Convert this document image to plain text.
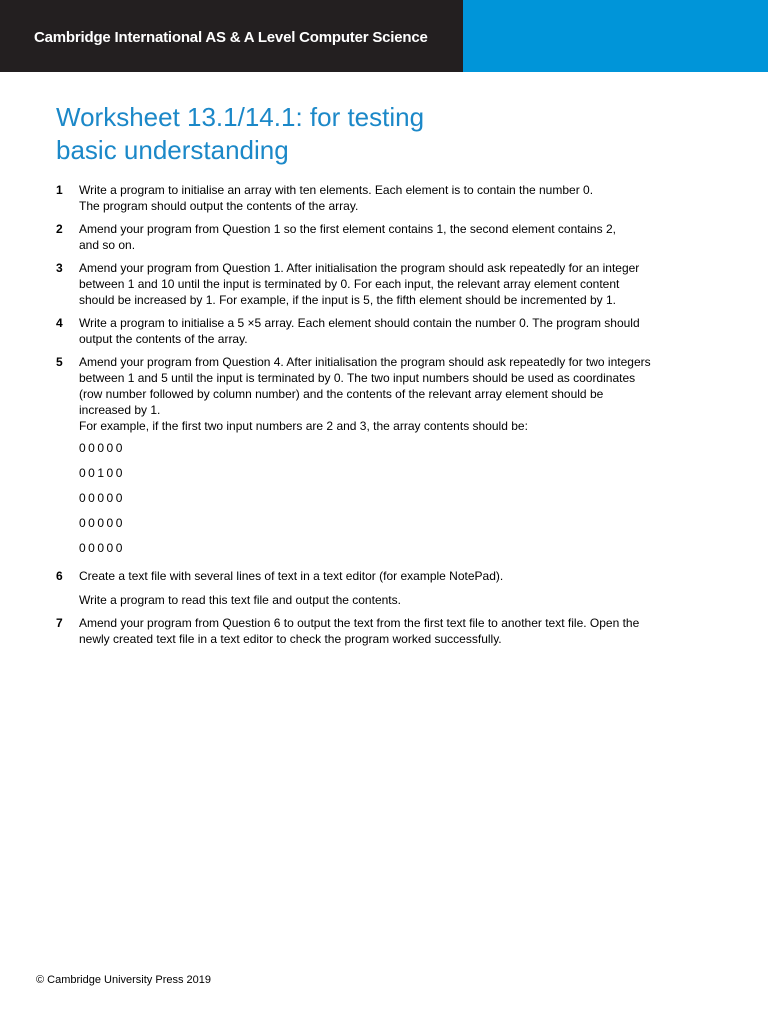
Cambridge International AS & A Level Computer Science
Worksheet 13.1/14.1: for testing
basic understanding
1 Write a program to initialise an array with ten elements. Each element is to contain the number 0.
The program should output the contents of the array.
2 Amend your program from Question 1 so the first element contains 1, the second element contains 2,
and so on.
3 Amend your program from Question 1. After initialisation the program should ask repeatedly for an integer
between 1 and 10 until the input is terminated by 0. For each input, the relevant array element content
should be increased by 1. For example, if the input is 5, the fifth element should be incremented by 1.
4 Write a program to initialise a 5 ×5 array. Each element should contain the number 0. The program should
output the contents of the array.
5 Amend your program from Question 4. After initialisation the program should ask repeatedly for two integers
between 1 and 5 until the input is terminated by 0. The two input numbers should be used as coordinates
(row number followed by column number) and the contents of the relevant array element should be
increased by 1.
For example, if the first two input numbers are 2 and 3, the array contents should be:
00000
00100
00000
00000
00000
6 Create a text file with several lines of text in a text editor (for example NotePad).
Write a program to read this text file and output the contents.
7 Amend your program from Question 6 to output the text from the first text file to another text file. Open the
newly created text file in a text editor to check the program worked successfully.
© Cambridge University Press 2019
